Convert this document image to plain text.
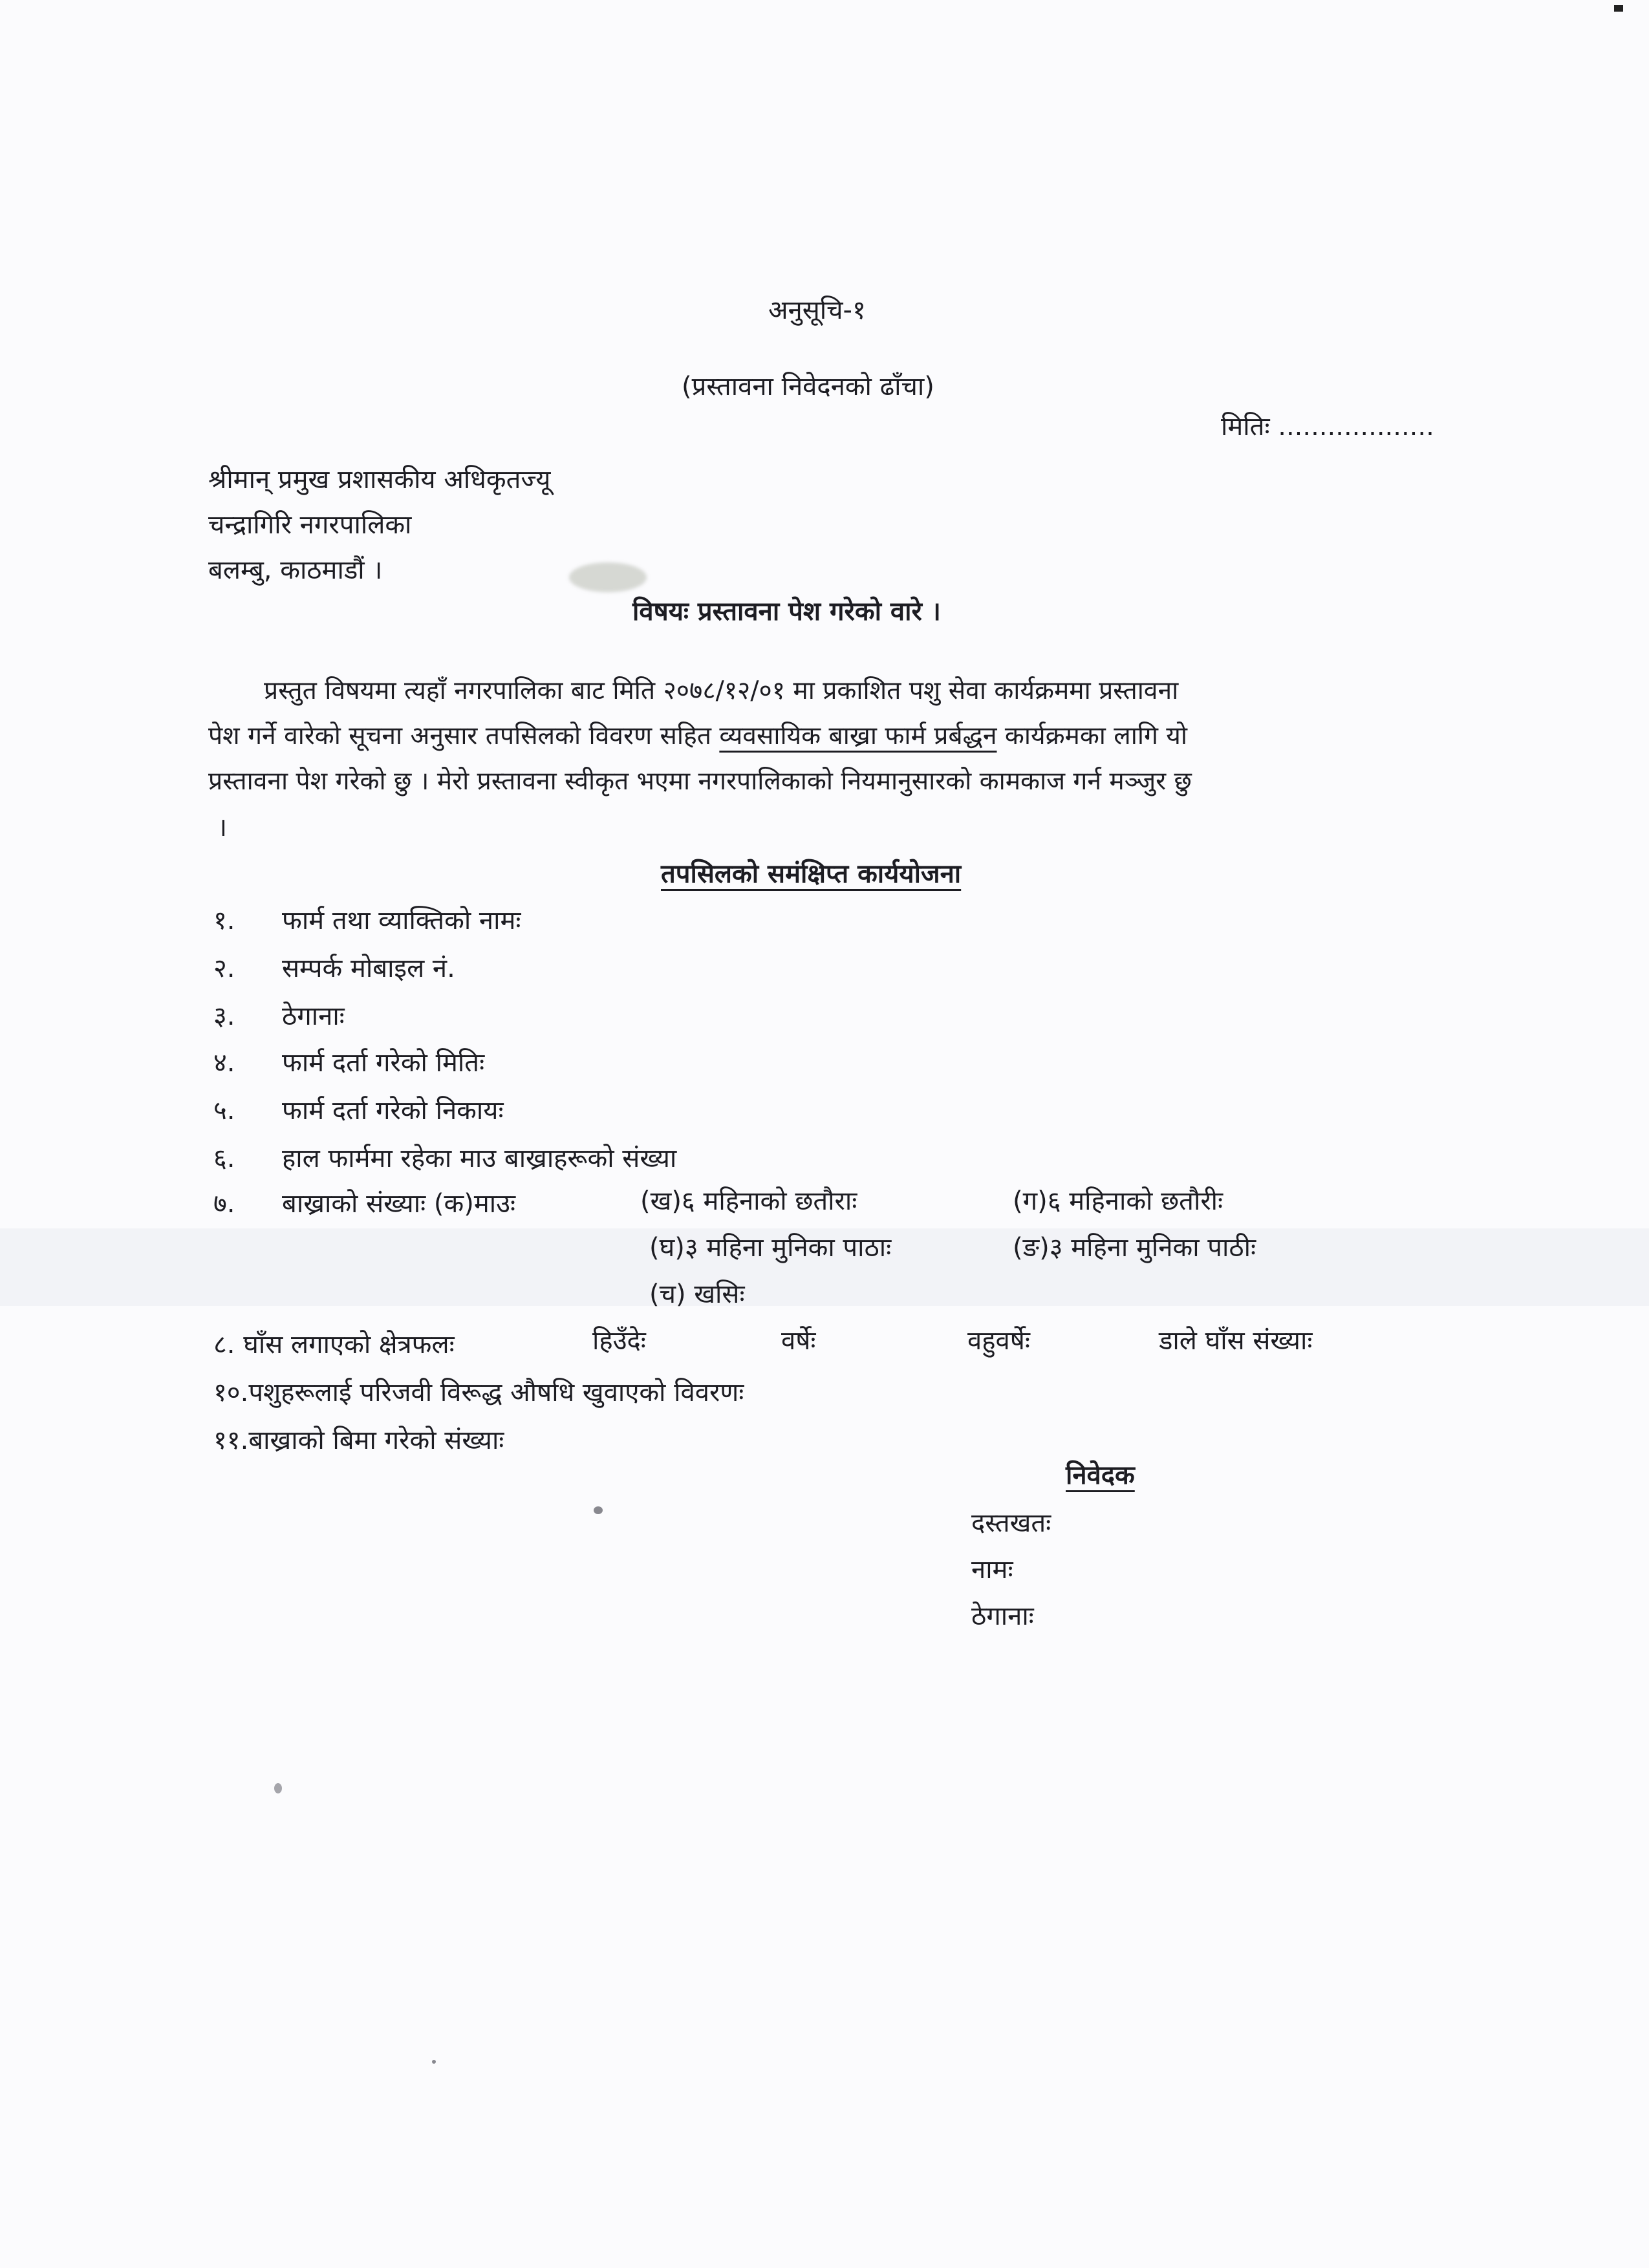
अनुसूचि-१
(प्रस्तावना निवेदनको ढाँचा)
मितिः ...................
श्रीमान् प्रमुख प्रशासकीय अधिकृतज्यू
चन्द्रागिरि नगरपालिका
बलम्बु, काठमाडौं ।
विषयः प्रस्तावना पेश गरेको वारे ।
प्रस्तुत विषयमा त्यहाँ नगरपालिका बाट मिति २०७८/१२/०१ मा प्रकाशित पशु सेवा कार्यक्रममा प्रस्तावना
पेश गर्ने वारेको सूचना अनुसार तपसिलको विवरण सहित व्यवसायिक बाख्रा फार्म प्रर्बद्धन कार्यक्रमका लागि यो
प्रस्तावना पेश गरेको छु । मेरो प्रस्तावना स्वीकृत भएमा नगरपालिकाको नियमानुसारको कामकाज गर्न मञ्जुर छु
।
तपसिलको समंक्षिप्त कार्ययोजना
१. फार्म तथा व्याक्तिको नामः
२. सम्पर्क मोबाइल नं.
३. ठेगानाः
४. फार्म दर्ता गरेको मितिः
५. फार्म दर्ता गरेको निकायः
६. हाल फार्ममा रहेका माउ बाख्राहरूको संख्या
७. बाख्राको संख्याः (क)माउः	(ख)६ महिनाको छतौराः	(ग)६ महिनाको छतौरीः
(घ)३ महिना मुनिका पाठाः	(ङ)३ महिना मुनिका पाठीः
(च) खसिः
८. घाँस लगाएको क्षेत्रफलः	हिउँदेः	वर्षेः	वहुवर्षेः	डाले घाँस संख्याः
१०.पशुहरूलाई परिजवी विरूद्ध औषधि खुवाएको विवरणः
११.बाख्राको बिमा गरेको संख्याः
निवेदक
दस्तखतः
नामः
ठेगानाः
